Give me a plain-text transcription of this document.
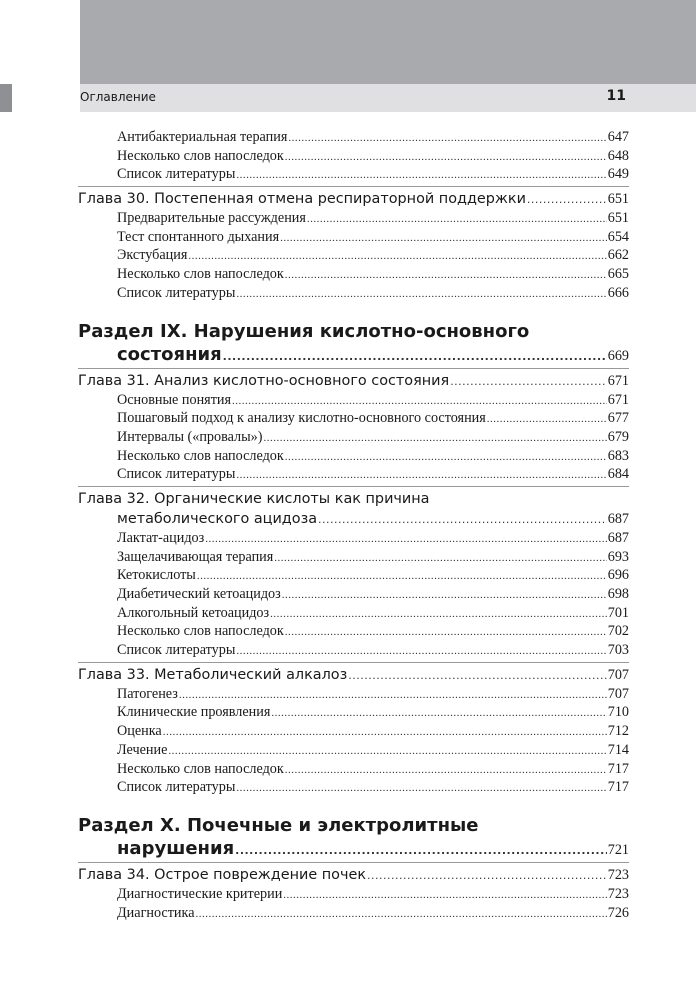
Оглавление	11
Антибактериальная терапия .....	647
Несколько слов напоследок .....	648
Список литературы .....	649
Глава 30. Постепенная отмена респираторной поддержки .....	651
Предварительные рассуждения .....	651
Тест спонтанного дыхания .....	654
Экстубация .....	662
Несколько слов напоследок .....	665
Список литературы .....	666
Раздел IX. Нарушения кислотно-основного
состояния .....	669
Глава 31. Анализ кислотно-основного состояния .....	671
Основные понятия .....	671
Пошаговый подход к анализу кислотно-основного состояния .....	677
Интервалы («провалы») .....	679
Несколько слов напоследок .....	683
Список литературы .....	684
Глава 32. Органические кислоты как причина
метаболического ацидоза .....	687
Лактат-ацидоз .....	687
Защелачивающая терапия .....	693
Кетокислоты .....	696
Диабетический кетоацидоз .....	698
Алкогольный кетоацидоз .....	701
Несколько слов напоследок .....	702
Список литературы .....	703
Глава 33. Метаболический алкалоз .....	707
Патогенез .....	707
Клинические проявления .....	710
Оценка .....	712
Лечение .....	714
Несколько слов напоследок .....	717
Список литературы .....	717
Раздел X. Почечные и электролитные
нарушения .....	721
Глава 34. Острое повреждение почек .....	723
Диагностические критерии .....	723
Диагностика .....	726
